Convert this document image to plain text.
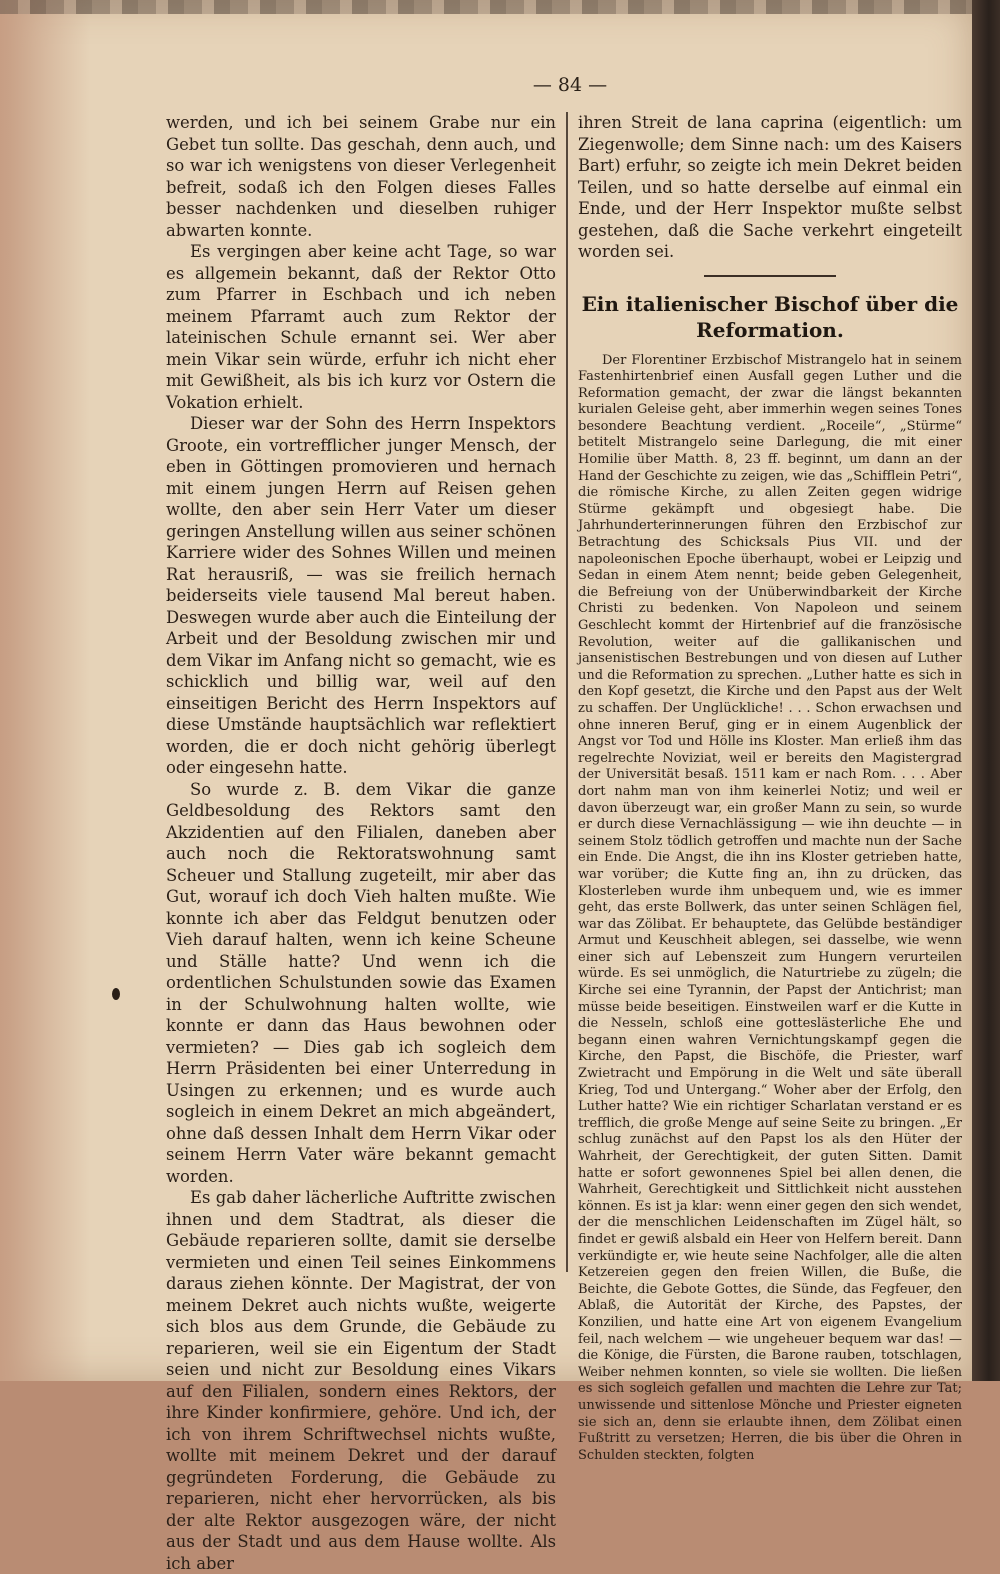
— 84 —

werden, und ich bei seinem Grabe nur ein Gebet tun sollte. Das geschah, denn auch, und so war ich wenigstens von dieser Verlegenheit befreit, sodaß ich den Folgen dieses Falles besser nachdenken und dieselben ruhiger abwarten konnte.

Es vergingen aber keine acht Tage, so war es allgemein bekannt, daß der Rektor Otto zum Pfarrer in Eschbach und ich neben meinem Pfarramt auch zum Rektor der lateinischen Schule ernannt sei. Wer aber mein Vikar sein würde, erfuhr ich nicht eher mit Gewißheit, als bis ich kurz vor Ostern die Vokation erhielt.

Dieser war der Sohn des Herrn Inspektors Groote, ein vortrefflicher junger Mensch, der eben in Göttingen promovieren und hernach mit einem jungen Herrn auf Reisen gehen wollte, den aber sein Herr Vater um dieser geringen Anstellung willen aus seiner schönen Karriere wider des Sohnes Willen und meinen Rat herausriß, — was sie freilich hernach beiderseits viele tausend Mal bereut haben. Deswegen wurde aber auch die Einteilung der Arbeit und der Besoldung zwischen mir und dem Vikar im Anfang nicht so gemacht, wie es schicklich und billig war, weil auf den einseitigen Bericht des Herrn Inspektors auf diese Umstände hauptsächlich war reflektiert worden, die er doch nicht gehörig überlegt oder eingesehn hatte.

So wurde z. B. dem Vikar die ganze Geldbesoldung des Rektors samt den Akzidentien auf den Filialen, daneben aber auch noch die Rektoratswohnung samt Scheuer und Stallung zugeteilt, mir aber das Gut, worauf ich doch Vieh halten mußte. Wie konnte ich aber das Feldgut benutzen oder Vieh darauf halten, wenn ich keine Scheune und Ställe hatte? Und wenn ich die ordentlichen Schulstunden sowie das Examen in der Schulwohnung halten wollte, wie konnte er dann das Haus bewohnen oder vermieten? — Dies gab ich sogleich dem Herrn Präsidenten bei einer Unterredung in Usingen zu erkennen; und es wurde auch sogleich in einem Dekret an mich abgeändert, ohne daß dessen Inhalt dem Herrn Vikar oder seinem Herrn Vater wäre bekannt gemacht worden.

Es gab daher lächerliche Auftritte zwischen ihnen und dem Stadtrat, als dieser die Gebäude reparieren sollte, damit sie derselbe vermieten und einen Teil seines Einkommens daraus ziehen könnte. Der Magistrat, der von meinem Dekret auch nichts wußte, weigerte sich blos aus dem Grunde, die Gebäude zu reparieren, weil sie ein Eigentum der Stadt seien und nicht zur Besoldung eines Vikars auf den Filialen, sondern eines Rektors, der ihre Kinder konfirmiere, gehöre. Und ich, der ich von ihrem Schriftwechsel nichts wußte, wollte mit meinem Dekret und der darauf gegründeten Forderung, die Gebäude zu reparieren, nicht eher hervorrücken, als bis der alte Rektor ausgezogen wäre, der nicht aus der Stadt und aus dem Hause wollte. Als ich aber

ihren Streit de lana caprina (eigentlich: um Ziegenwolle; dem Sinne nach: um des Kaisers Bart) erfuhr, so zeigte ich mein Dekret beiden Teilen, und so hatte derselbe auf einmal ein Ende, und der Herr Inspektor mußte selbst gestehen, daß die Sache verkehrt eingeteilt worden sei.

Ein italienischer Bischof über die
Reformation.

Der Florentiner Erzbischof Mistrangelo hat in seinem Fastenhirtenbrief einen Ausfall gegen Luther und die Reformation gemacht, der zwar die längst bekannten kurialen Geleise geht, aber immerhin wegen seines Tones besondere Beachtung verdient. „Roceile“, „Stürme“ betitelt Mistrangelo seine Darlegung, die mit einer Homilie über Matth. 8, 23 ff. beginnt, um dann an der Hand der Geschichte zu zeigen, wie das „Schifflein Petri“, die römische Kirche, zu allen Zeiten gegen widrige Stürme gekämpft und obgesiegt habe. Die Jahrhunderterinnerungen führen den Erzbischof zur Betrachtung des Schicksals Pius VII. und der napoleonischen Epoche überhaupt, wobei er Leipzig und Sedan in einem Atem nennt; beide geben Gelegenheit, die Befreiung von der Unüberwindbarkeit der Kirche Christi zu bedenken. Von Napoleon und seinem Geschlecht kommt der Hirtenbrief auf die französische Revolution, weiter auf die gallikanischen und jansenistischen Bestrebungen und von diesen auf Luther und die Reformation zu sprechen. „Luther hatte es sich in den Kopf gesetzt, die Kirche und den Papst aus der Welt zu schaffen. Der Unglückliche! . . . Schon erwachsen und ohne inneren Beruf, ging er in einem Augenblick der Angst vor Tod und Hölle ins Kloster. Man erließ ihm das regelrechte Noviziat, weil er bereits den Magistergrad der Universität besaß. 1511 kam er nach Rom. . . . Aber dort nahm man von ihm keinerlei Notiz; und weil er davon überzeugt war, ein großer Mann zu sein, so wurde er durch diese Vernachlässigung — wie ihn deuchte — in seinem Stolz tödlich getroffen und machte nun der Sache ein Ende. Die Angst, die ihn ins Kloster getrieben hatte, war vorüber; die Kutte fing an, ihn zu drücken, das Klosterleben wurde ihm unbequem und, wie es immer geht, das erste Bollwerk, das unter seinen Schlägen fiel, war das Zölibat. Er behauptete, das Gelübde beständiger Armut und Keuschheit ablegen, sei dasselbe, wie wenn einer sich auf Lebenszeit zum Hungern verurteilen würde. Es sei unmöglich, die Naturtriebe zu zügeln; die Kirche sei eine Tyrannin, der Papst der Antichrist; man müsse beide beseitigen. Einstweilen warf er die Kutte in die Nesseln, schloß eine gotteslästerliche Ehe und begann einen wahren Vernichtungskampf gegen die Kirche, den Papst, die Bischöfe, die Priester, warf Zwietracht und Empörung in die Welt und säte überall Krieg, Tod und Untergang.“ Woher aber der Erfolg, den Luther hatte? Wie ein richtiger Scharlatan verstand er es trefflich, die große Menge auf seine Seite zu bringen. „Er schlug zunächst auf den Papst los als den Hüter der Wahrheit, der Gerechtigkeit, der guten Sitten. Damit hatte er sofort gewonnenes Spiel bei allen denen, die Wahrheit, Gerechtigkeit und Sittlichkeit nicht ausstehen können. Es ist ja klar: wenn einer gegen den sich wendet, der die menschlichen Leidenschaften im Zügel hält, so findet er gewiß alsbald ein Heer von Helfern bereit. Dann verkündigte er, wie heute seine Nachfolger, alle die alten Ketzereien gegen den freien Willen, die Buße, die Beichte, die Gebote Gottes, die Sünde, das Fegfeuer, den Ablaß, die Autorität der Kirche, des Papstes, der Konzilien, und hatte eine Art von eigenem Evangelium feil, nach welchem — wie ungeheuer bequem war das! — die Könige, die Fürsten, die Barone rauben, totschlagen, Weiber nehmen konnten, so viele sie wollten. Die ließen es sich sogleich gefallen und machten die Lehre zur Tat; unwissende und sittenlose Mönche und Priester eigneten sie sich an, denn sie erlaubte ihnen, dem Zölibat einen Fußtritt zu versetzen; Herren, die bis über die Ohren in Schulden steckten, folgten
